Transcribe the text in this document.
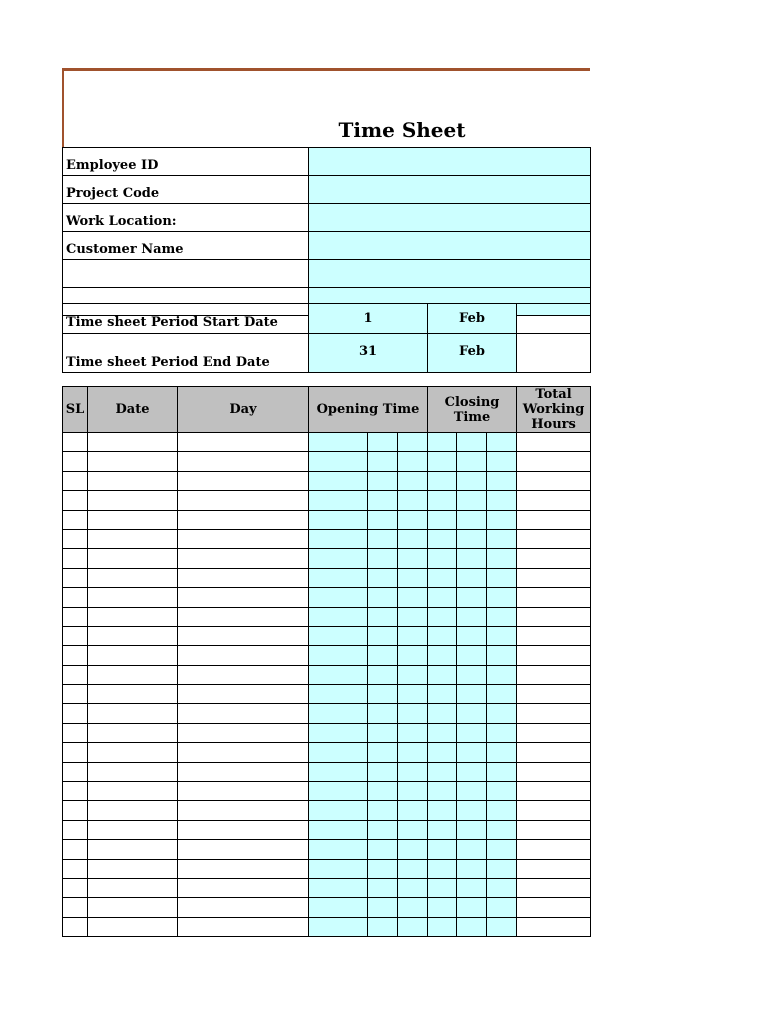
Time Sheet
Employee ID	
Project Code	
Work Location:	
Customer Name	

Time sheet Period Start Date	1	Feb	
Time sheet Period End Date	31	Feb	
SL	Date	Day	Opening Time			Closing Time			Total Working Hours
